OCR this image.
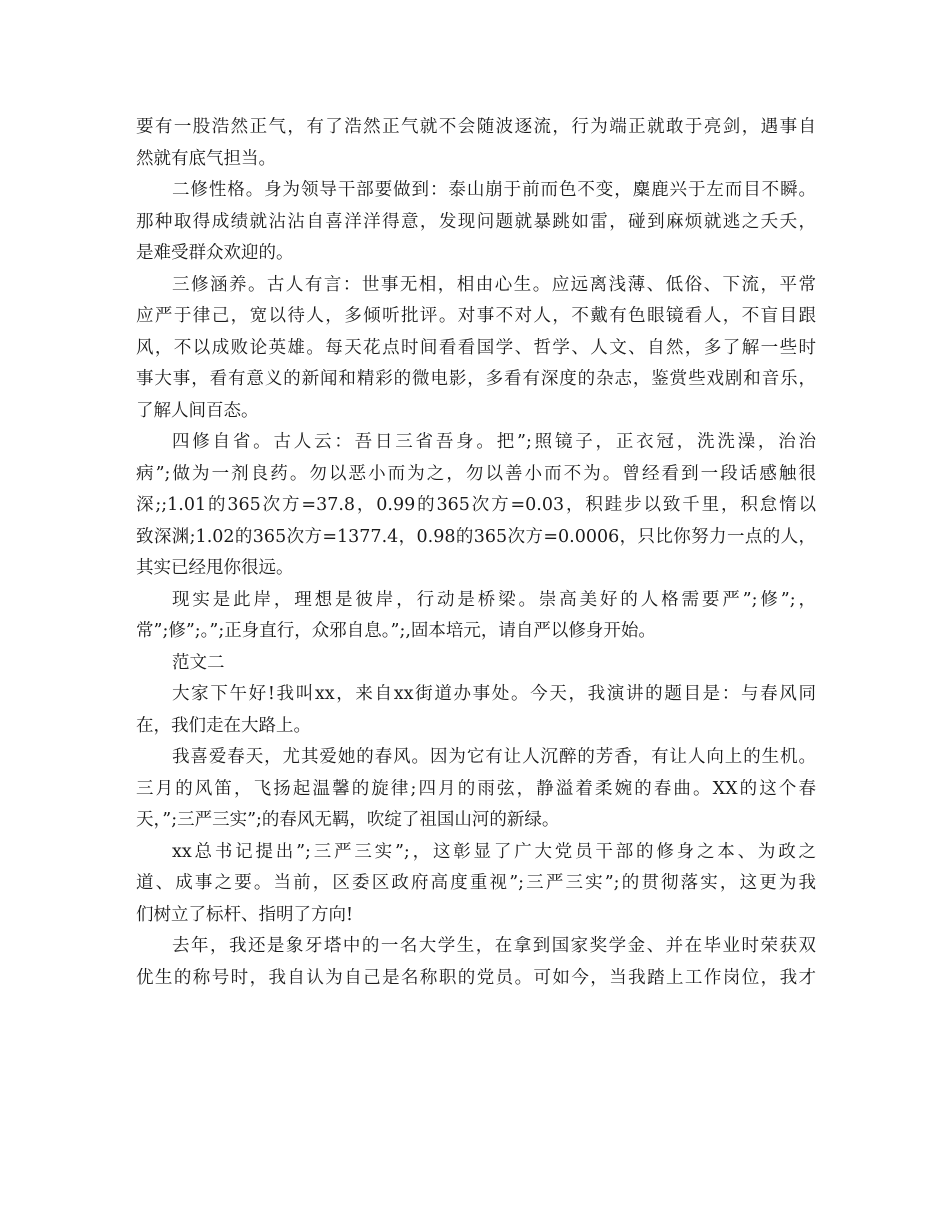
要有一股浩然正气，有了浩然正气就不会随波逐流，行为端正就敢于亮剑，遇事自
然就有底气担当。
二修性格。身为领导干部要做到：泰山崩于前而色不变，麋鹿兴于左而目不瞬。
那种取得成绩就沾沾自喜洋洋得意，发现问题就暴跳如雷，碰到麻烦就逃之夭夭，
是难受群众欢迎的。
三修涵养。古人有言：世事无相，相由心生。应远离浅薄、低俗、下流，平常
应严于律己，宽以待人，多倾听批评。对事不对人，不戴有色眼镜看人，不盲目跟
风，不以成败论英雄。每天花点时间看看国学、哲学、人文、自然，多了解一些时
事大事，看有意义的新闻和精彩的微电影，多看有深度的杂志，鉴赏些戏剧和音乐，
了解人间百态。
四修自省。古人云：吾日三省吾身。把”;照镜子，正衣冠，洗洗澡，治治
病”;做为一剂良药。勿以恶小而为之，勿以善小而不为。曾经看到一段话感触很
深;;1.01的365次方=37.8，0.99的365次方=0.03，积跬步以致千里，积怠惰以
致深渊;1.02的365次方=1377.4，0.98的365次方=0.0006，只比你努力一点的人，
其实已经甩你很远。
现实是此岸，理想是彼岸，行动是桥梁。崇高美好的人格需要严”;修”;，
常”;修”;。”;正身直行，众邪自息。”;,固本培元，请自严以修身开始。
范文二
大家下午好!我叫xx，来自xx街道办事处。今天，我演讲的题目是：与春风同
在，我们走在大路上。
我喜爱春天，尤其爱她的春风。因为它有让人沉醉的芳香，有让人向上的生机。
三月的风笛，飞扬起温馨的旋律;四月的雨弦，静溢着柔婉的春曲。XX的这个春
天，”;三严三实”;的春风无羁，吹绽了祖国山河的新绿。
xx总书记提出”;三严三实”;，这彰显了广大党员干部的修身之本、为政之
道、成事之要。当前，区委区政府高度重视”;三严三实”;的贯彻落实，这更为我
们树立了标杆、指明了方向!
去年，我还是象牙塔中的一名大学生，在拿到国家奖学金、并在毕业时荣获双
优生的称号时，我自认为自己是名称职的党员。可如今，当我踏上工作岗位，我才
